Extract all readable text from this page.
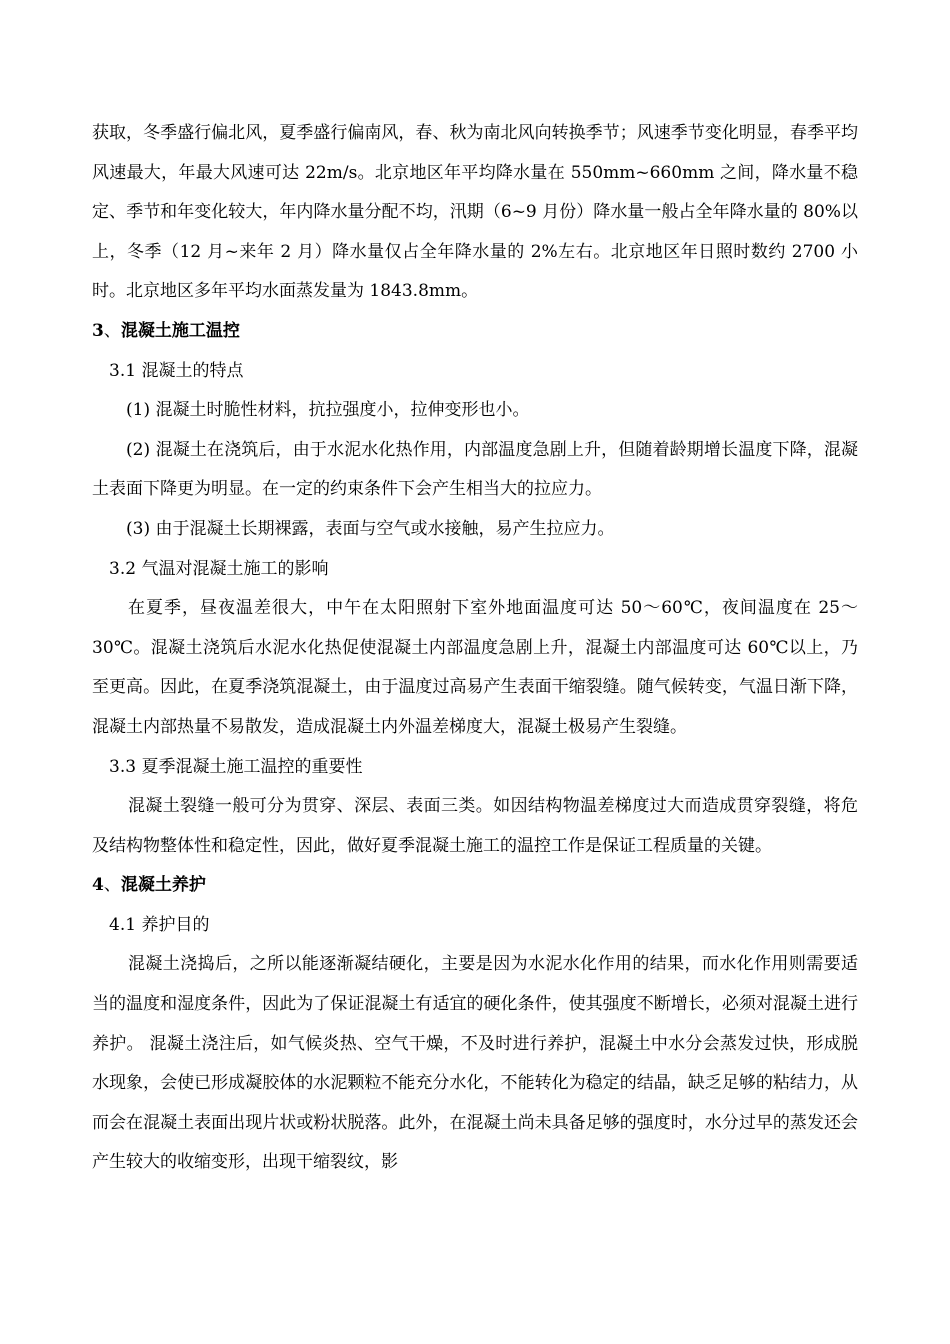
获取，冬季盛行偏北风，夏季盛行偏南风，春、秋为南北风向转换季节；风速季节变化明显，春季平均风速最大，年最大风速可达 22m/s。北京地区年平均降水量在 550mm~660mm 之间，降水量不稳定、季节和年变化较大，年内降水量分配不均，汛期（6~9 月份）降水量一般占全年降水量的 80%以上，冬季（12 月~来年 2 月）降水量仅占全年降水量的 2%左右。北京地区年日照时数约 2700 小时。北京地区多年平均水面蒸发量为 1843.8mm。

3、混凝土施工温控

3.1 混凝土的特点

(1) 混凝土时脆性材料，抗拉强度小，拉伸变形也小。

(2) 混凝土在浇筑后，由于水泥水化热作用，内部温度急剧上升，但随着龄期增长温度下降，混凝土表面下降更为明显。在一定的约束条件下会产生相当大的拉应力。

(3) 由于混凝土长期裸露，表面与空气或水接触，易产生拉应力。

3.2 气温对混凝土施工的影响

在夏季，昼夜温差很大，中午在太阳照射下室外地面温度可达 50～60℃，夜间温度在 25～30℃。混凝土浇筑后水泥水化热促使混凝土内部温度急剧上升，混凝土内部温度可达 60℃以上，乃至更高。因此，在夏季浇筑混凝土，由于温度过高易产生表面干缩裂缝。随气候转变，气温日渐下降，混凝土内部热量不易散发，造成混凝土内外温差梯度大，混凝土极易产生裂缝。

3.3 夏季混凝土施工温控的重要性

混凝土裂缝一般可分为贯穿、深层、表面三类。如因结构物温差梯度过大而造成贯穿裂缝，将危及结构物整体性和稳定性，因此，做好夏季混凝土施工的温控工作是保证工程质量的关键。

4、混凝土养护

4.1 养护目的

混凝土浇捣后，之所以能逐渐凝结硬化，主要是因为水泥水化作用的结果，而水化作用则需要适当的温度和湿度条件，因此为了保证混凝土有适宜的硬化条件，使其强度不断增长，必须对混凝土进行养护。 混凝土浇注后，如气候炎热、空气干燥，不及时进行养护，混凝土中水分会蒸发过快，形成脱水现象，会使已形成凝胶体的水泥颗粒不能充分水化，不能转化为稳定的结晶，缺乏足够的粘结力，从而会在混凝土表面出现片状或粉状脱落。此外，在混凝土尚未具备足够的强度时，水分过早的蒸发还会产生较大的收缩变形，出现干缩裂纹，影
